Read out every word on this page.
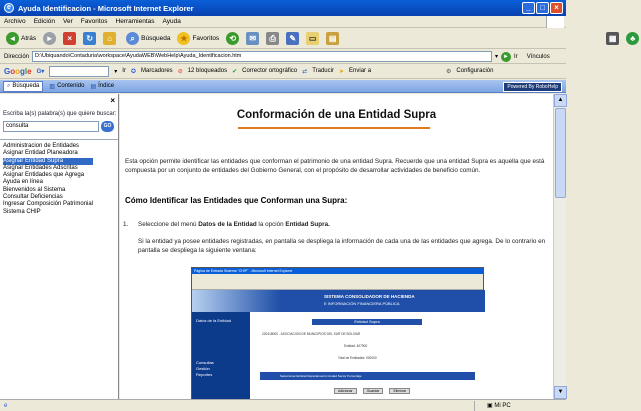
e Ayuda Identificacion - Microsoft Internet Explorer	_	□	×
Archivo Edición Ver Favoritos Herramientas Ayuda
◄ Atrás	►	×	↻	⌂	⌕ Búsqueda	★ Favoritos	⟲	✉	⎙	✎	▭	▤	▦	♣
Dirección	D:\Ubiquando\Contaduria\workspace\AyudaWEB\WebHelp\Ayuda_Identificacion.htm	▾ ► Ir Vínculos
Google G▾	▾ Ir ✪ Marcadores ⊘ 12 bloqueados ✔ Corrector ortográfico ⇄ Traducir ➤ Enviar a	⚙ Configuración
⌕ Búsqueda ▥ Contenido ▤ Índice	Powered By RoboHelp
×
Escriba la(s) palabra(s) que quiere buscar:
consulta	GO
Administracion de Entidades
Asignar Entidad Planeadora
Asignar Entidad Supra
Asignar Entidades Adscritas
Asignar Entidades que Agrega
Ayuda en línea
Bienvenidos al Sistema
Consultar Deficiencias
Ingresar Composición Patrimonial
Sistema CHIP
Conformación de una Entidad Supra
Esta opción permite identificar las entidades que conforman el patrimonio de una entidad Supra. Recuerde que una entidad Supra es aquella que está compuesta por un conjunto de entidades del Gobierno General, con el propósito de desarrollar actividades de beneficio común.
Cómo Identificar las Entidades que Conforman una Supra:
1. Seleccione del menú Datos de la Entidad la opción Entidad Supra.
Si la entidad ya posee entidades registradas, en pantalla se despliega la información de cada una de las entidades que agrega. De lo contrario en pantalla se despliega la siguiente ventana:
Página de Entrada Sistema "CHIP" - Microsoft Internet Explorer
SISTEMA CONSOLIDADOR DE HACIENDA
E INFORMACIÓN FINANCIERA PÚBLICA
Datos de la Entidad
Consultas
Gestión
Reportes
Entidad Supra
220418000 - ASOCIACION DE MUNICIPIOS DEL SUR DE BOLIVAR
Entidad: 407900
Total de Entidades: 000000
Seleccionar Entidad Departamento Ciudad Sector Porcentaje
Adicionar	Guardar	Eliminar
▲
▼
e	▣ Mi PC
